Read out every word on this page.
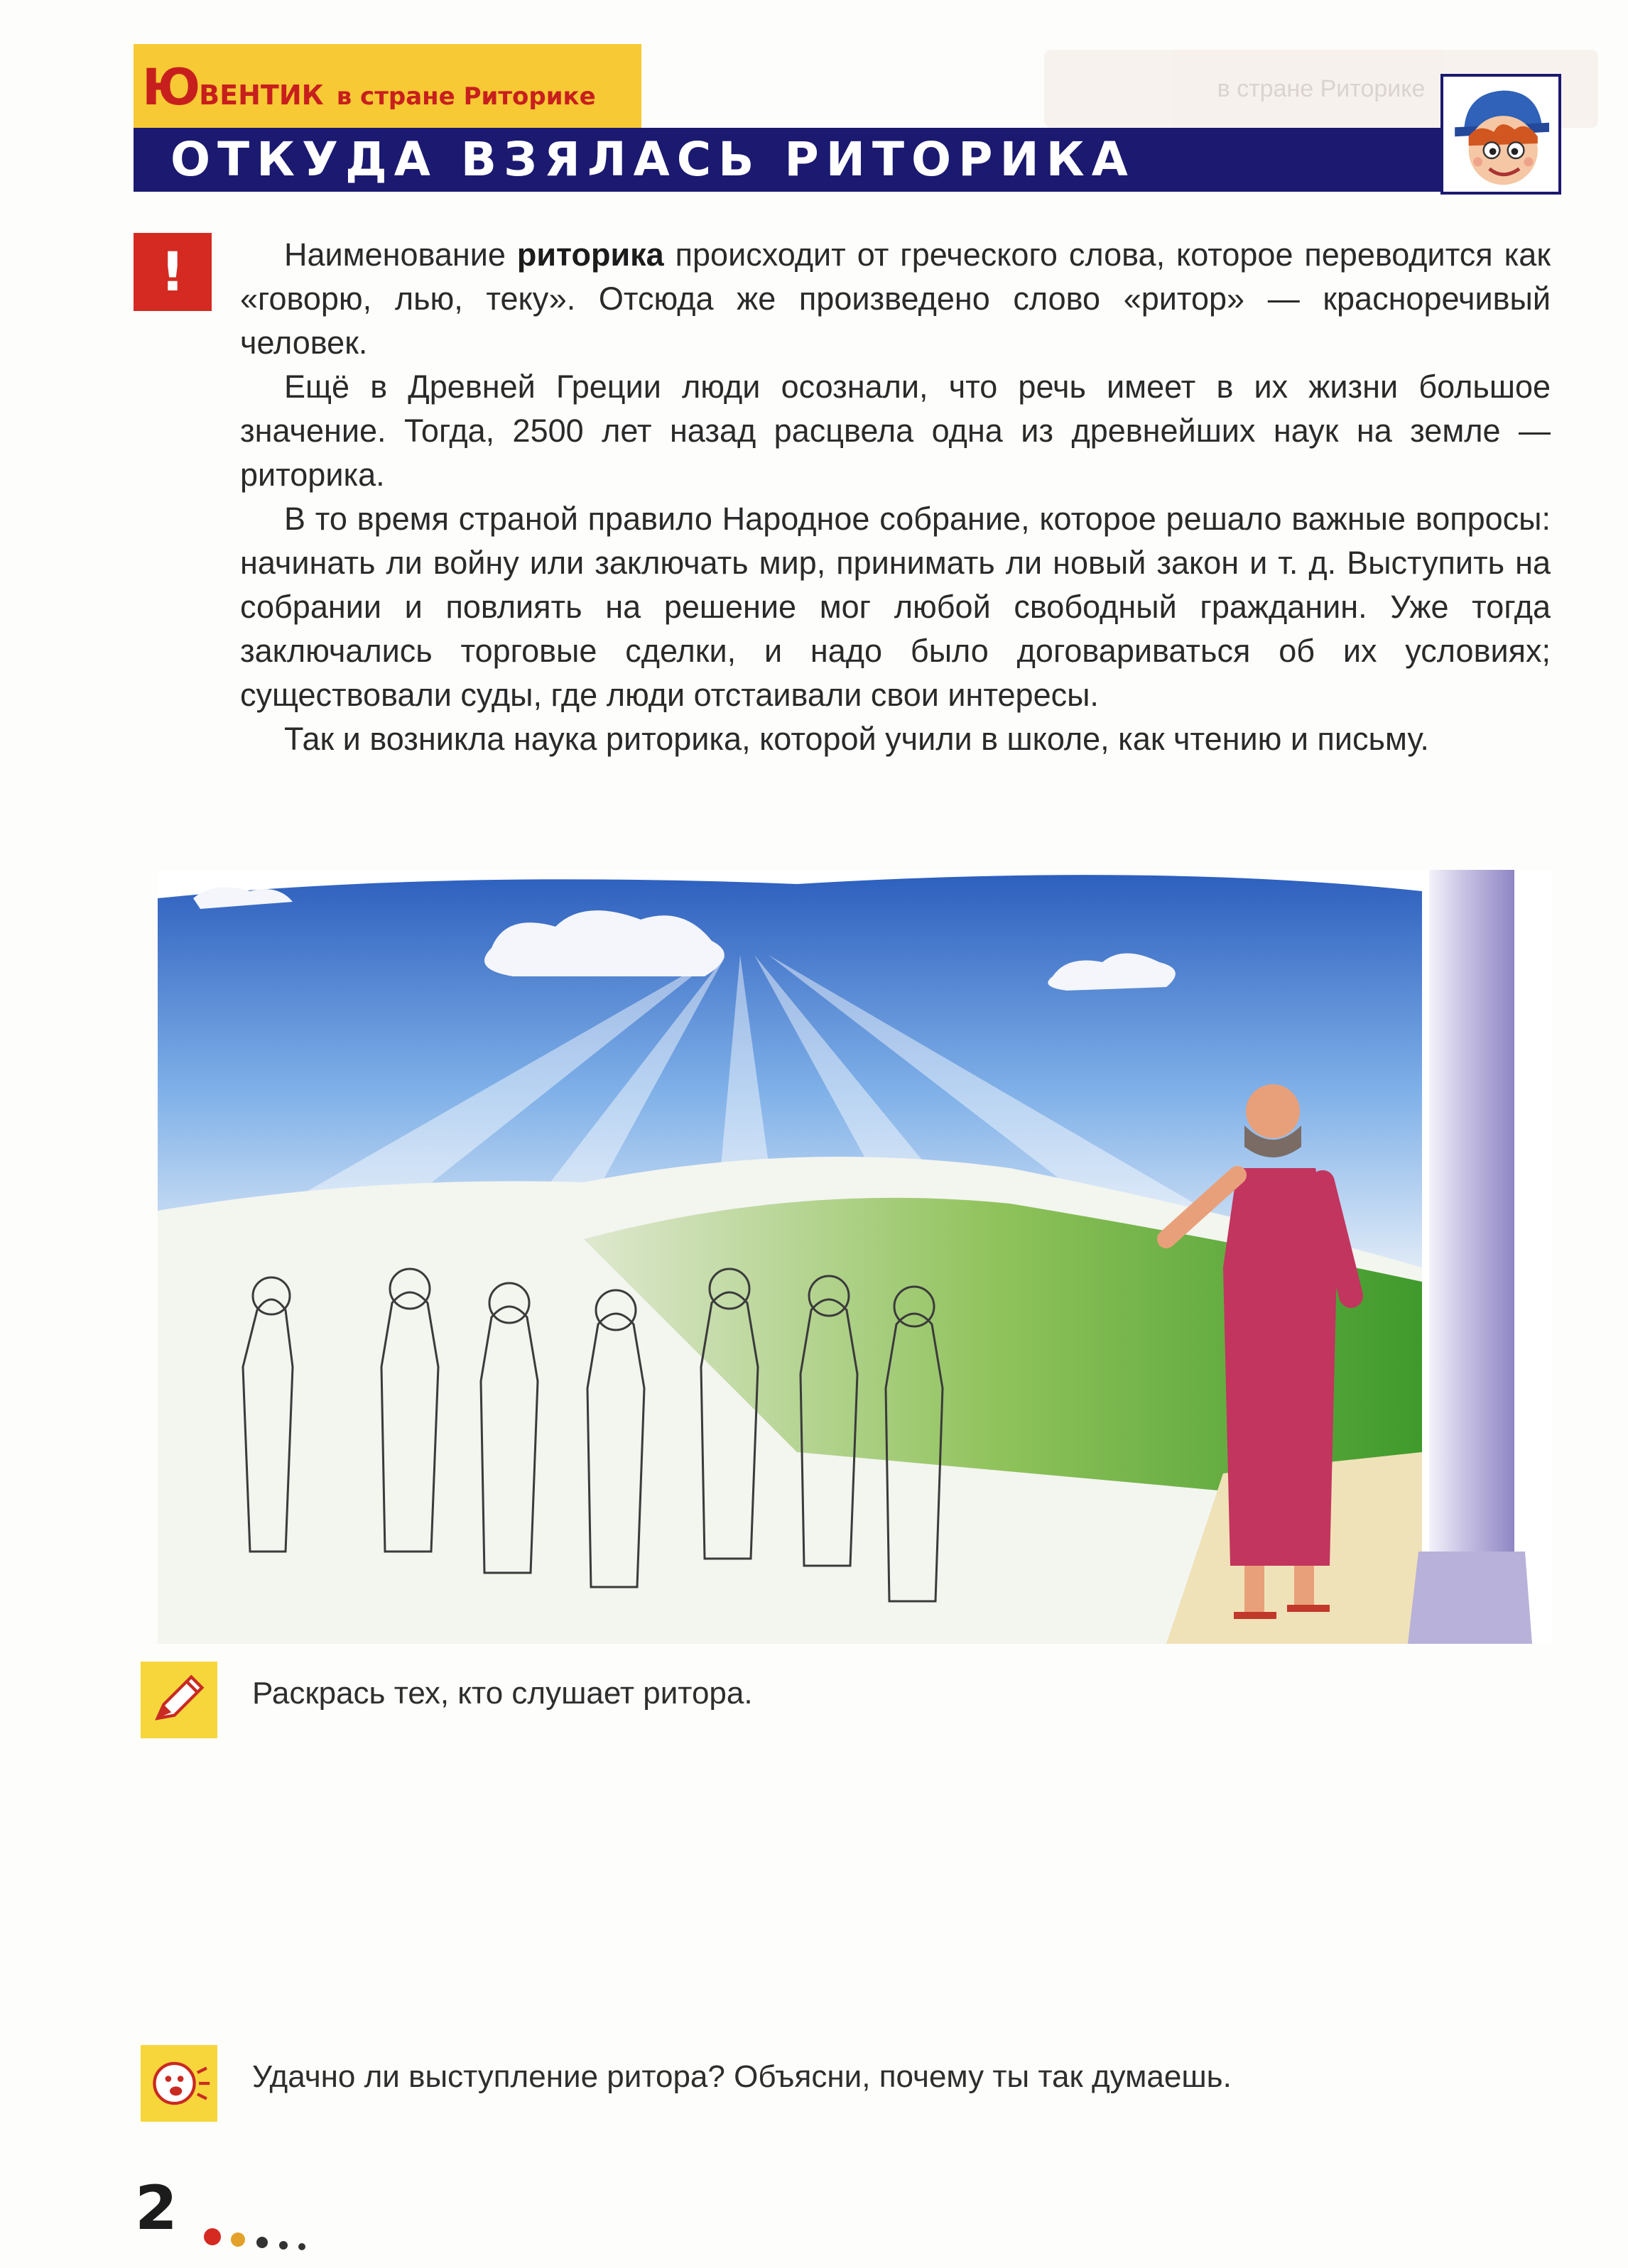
в стране Риторике
ЮВЕНТИК в стране Риторике
ОТКУДА ВЗЯЛАСЬ РИТОРИКА
!	Наименование риторика происходит от греческого слова, которое переводится как «говорю, лью, теку». Отсюда же произведено слово «ритор» — красноречивый человек.

Ещё в Древней Греции люди осознали, что речь имеет в их жизни большое значение. Тогда, 2500 лет назад расцвела одна из древнейших наук на земле — риторика.

В то время страной правило Народное собрание, которое решало важные вопросы: начинать ли войну или заключать мир, принимать ли новый закон и т. д. Выступить на собрании и повлиять на решение мог любой свободный гражданин. Уже тогда заключались торговые сделки, и надо было договариваться об их условиях; существовали суды, где люди отстаивали свои интересы.

Так и возникла наука риторика, которой учили в школе, как чтению и письму.

Раскрась тех, кто слушает ритора.
Удачно ли выступление ритора? Объясни, почему ты так думаешь.
2
